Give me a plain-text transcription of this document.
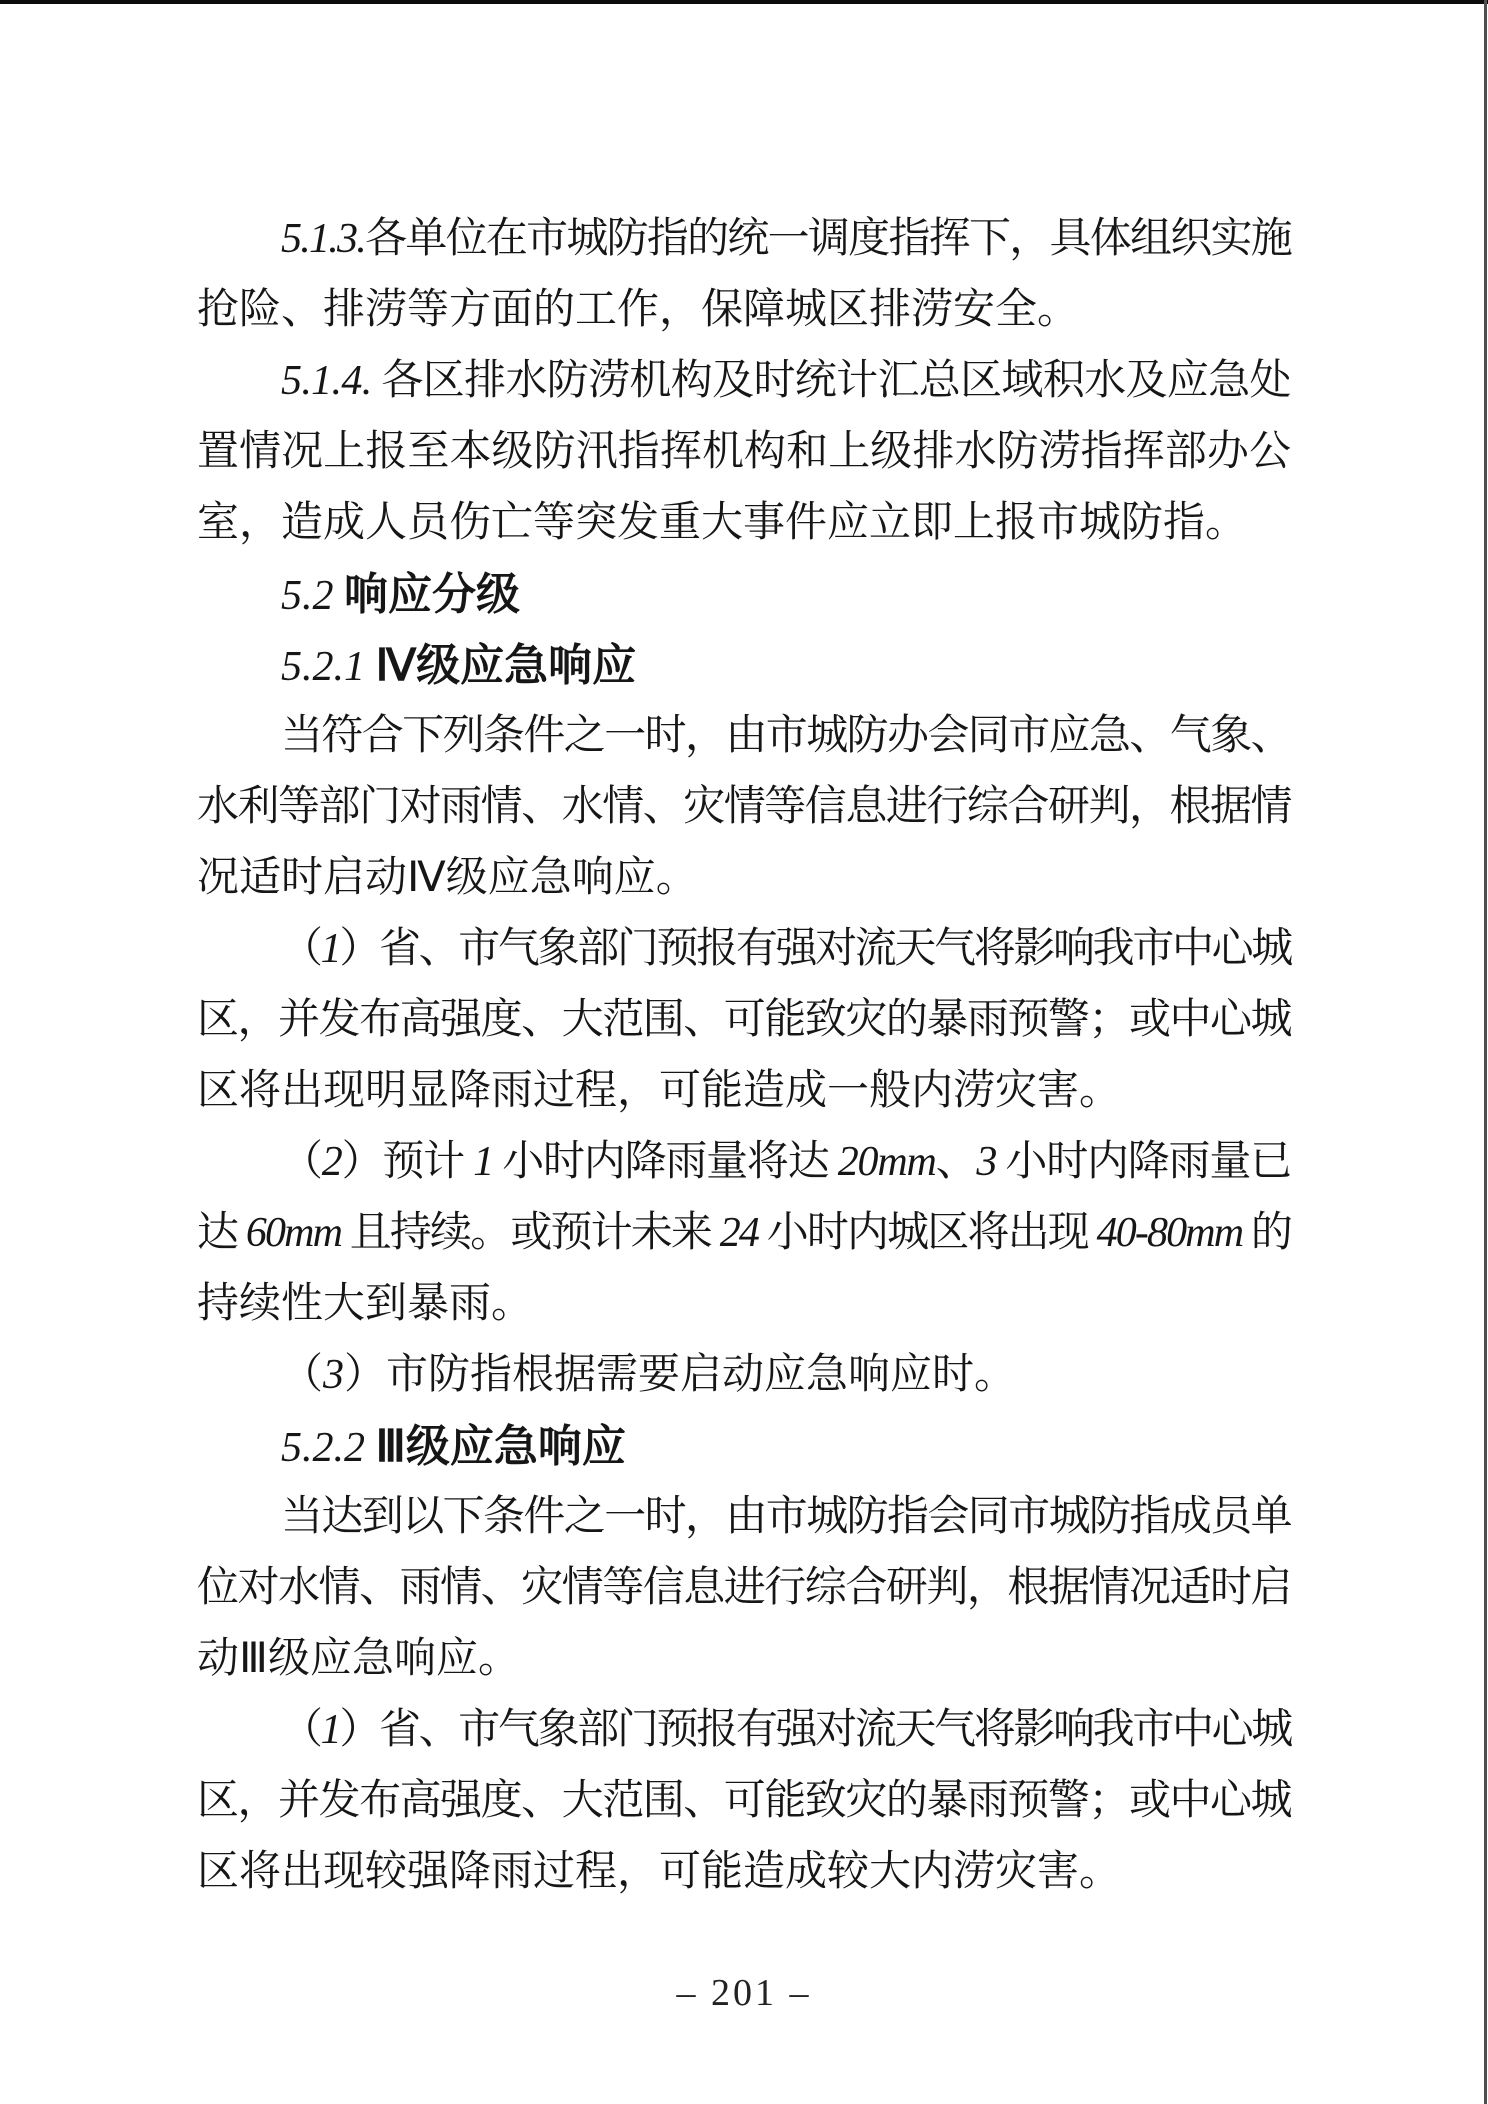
5.1.3.各单位在市城防指的统一调度指挥下，具体组织实施
抢险、排涝等方面的工作，保障城区排涝安全。
5.1.4. 各区排水防涝机构及时统计汇总区域积水及应急处
置情况上报至本级防汛指挥机构和上级排水防涝指挥部办公
室，造成人员伤亡等突发重大事件应立即上报市城防指。
5.2 响应分级
5.2.1 Ⅳ级应急响应
当符合下列条件之一时，由市城防办会同市应急、气象、
水利等部门对雨情、水情、灾情等信息进行综合研判，根据情
况适时启动Ⅳ级应急响应。
（1）省、市气象部门预报有强对流天气将影响我市中心城
区，并发布高强度、大范围、可能致灾的暴雨预警；或中心城
区将出现明显降雨过程，可能造成一般内涝灾害。
（2）预计 1 小时内降雨量将达 20mm、3 小时内降雨量已
达 60mm 且持续。或预计未来 24 小时内城区将出现 40-80mm 的
持续性大到暴雨。
（3）市防指根据需要启动应急响应时。
5.2.2 Ⅲ级应急响应
当达到以下条件之一时，由市城防指会同市城防指成员单
位对水情、雨情、灾情等信息进行综合研判，根据情况适时启
动Ⅲ级应急响应。
（1）省、市气象部门预报有强对流天气将影响我市中心城
区，并发布高强度、大范围、可能致灾的暴雨预警；或中心城
区将出现较强降雨过程，可能造成较大内涝灾害。
– 201 –
